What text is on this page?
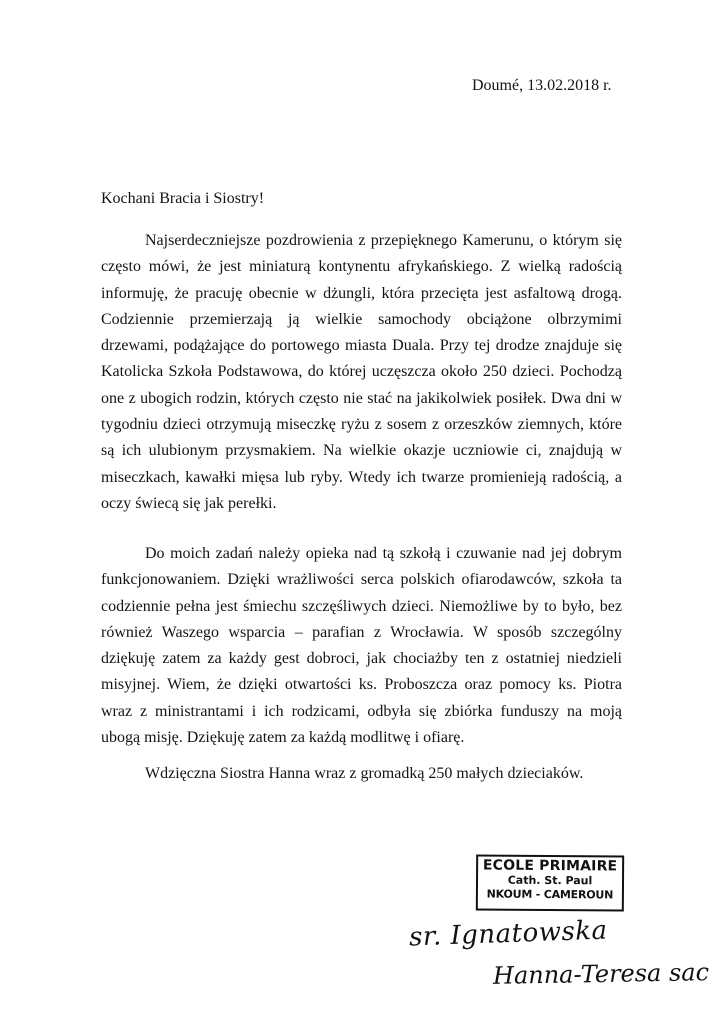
Doumé, 13.02.2018 r.
Kochani Bracia i Siostry!
Najserdeczniejsze pozdrowienia z przepięknego Kamerunu, o którym się
często mówi, że jest miniaturą kontynentu afrykańskiego. Z wielką radością
informuję, że pracuję obecnie w dżungli, która przecięta jest asfaltową drogą.
Codziennie przemierzają ją wielkie samochody obciążone olbrzymimi
drzewami, podążające do portowego miasta Duala. Przy tej drodze znajduje się
Katolicka Szkoła Podstawowa, do której uczęszcza około 250 dzieci. Pochodzą
one z ubogich rodzin, których często nie stać na jakikolwiek posiłek. Dwa dni w
tygodniu dzieci otrzymują miseczkę ryżu z sosem z orzeszków ziemnych, które
są ich ulubionym przysmakiem. Na wielkie okazje uczniowie ci, znajdują w
miseczkach, kawałki mięsa lub ryby. Wtedy ich twarze promienieją radością, a
oczy świecą się jak perełki.
Do moich zadań należy opieka nad tą szkołą i czuwanie nad jej dobrym
funkcjonowaniem. Dzięki wrażliwości serca polskich ofiarodawców, szkoła ta
codziennie pełna jest śmiechu szczęśliwych dzieci. Niemożliwe by to było, bez
również Waszego wsparcia – parafian z Wrocławia. W sposób szczególny
dziękuję zatem za każdy gest dobroci, jak chociażby ten z ostatniej niedzieli
misyjnej. Wiem, że dzięki otwartości ks. Proboszcza oraz pomocy ks. Piotra
wraz z ministrantami i ich rodzicami, odbyła się zbiórka funduszy na moją
ubogą misję. Dziękuję zatem za każdą modlitwę i ofiarę.
Wdzięczna Siostra Hanna wraz z gromadką 250 małych dzieciaków.
ECOLE PRIMAIRE
Cath. St. Paul
NKOUM - CAMEROUN
sr. Ignatowska
Hanna-Teresa sac
